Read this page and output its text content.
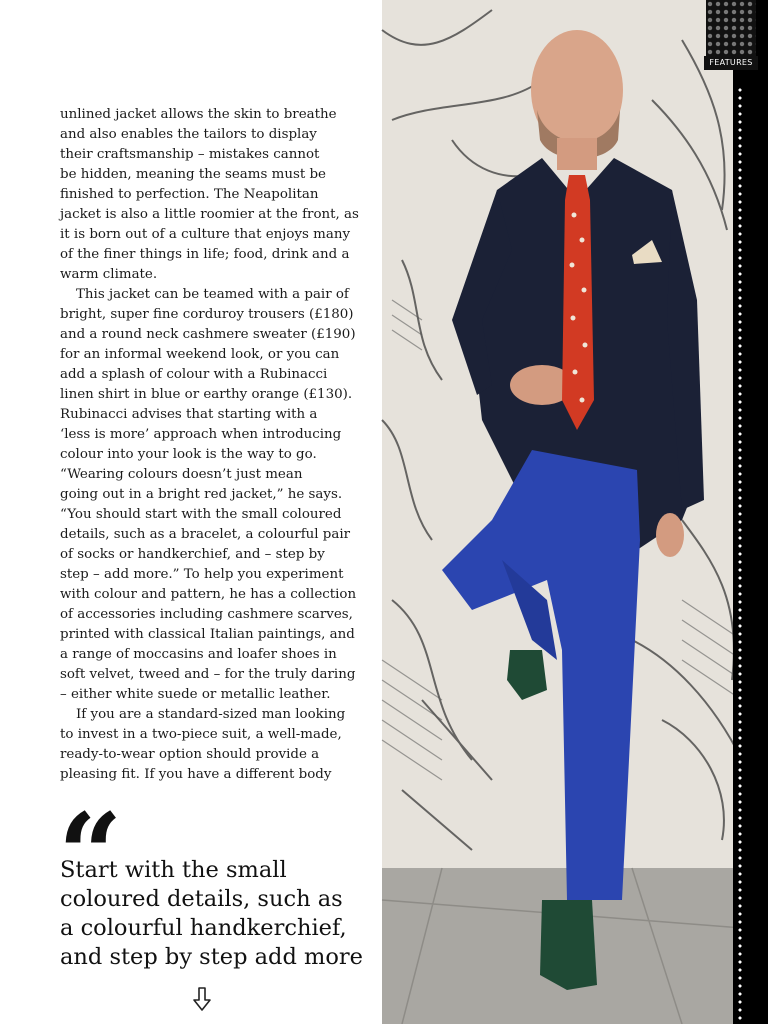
unlined jacket allows the skin to breathe
and also enables the tailors to display
their craftsmanship – mistakes cannot
be hidden, meaning the seams must be
finished to perfection. The Neapolitan
jacket is also a little roomier at the front, as
it is born out of a culture that enjoys many
of the finer things in life; food, drink and a
warm climate.

This jacket can be teamed with a pair of
bright, super fine corduroy trousers (£180)
and a round neck cashmere sweater (£190)
for an informal weekend look, or you can
add a splash of colour with a Rubinacci
linen shirt in blue or earthy orange (£130).
Rubinacci advises that starting with a
‘less is more’ approach when introducing
colour into your look is the way to go.
“Wearing colours doesn’t just mean
going out in a bright red jacket,” he says.
“You should start with the small coloured
details, such as a bracelet, a colourful pair
of socks or handkerchief, and – step by
step – add more.” To help you experiment
with colour and pattern, he has a collection
of accessories including cashmere scarves,
printed with classical Italian paintings, and
a range of moccasins and loafer shoes in
soft velvet, tweed and – for the truly daring
– either white suede or metallic leather.

If you are a standard-sized man looking
to invest in a two-piece suit, a well-made,
ready-to-wear option should provide a
pleasing fit. If you have a different body

“

Start with the small
coloured details, such as
a colourful handkerchief,
and step by step add more

FEATURES
